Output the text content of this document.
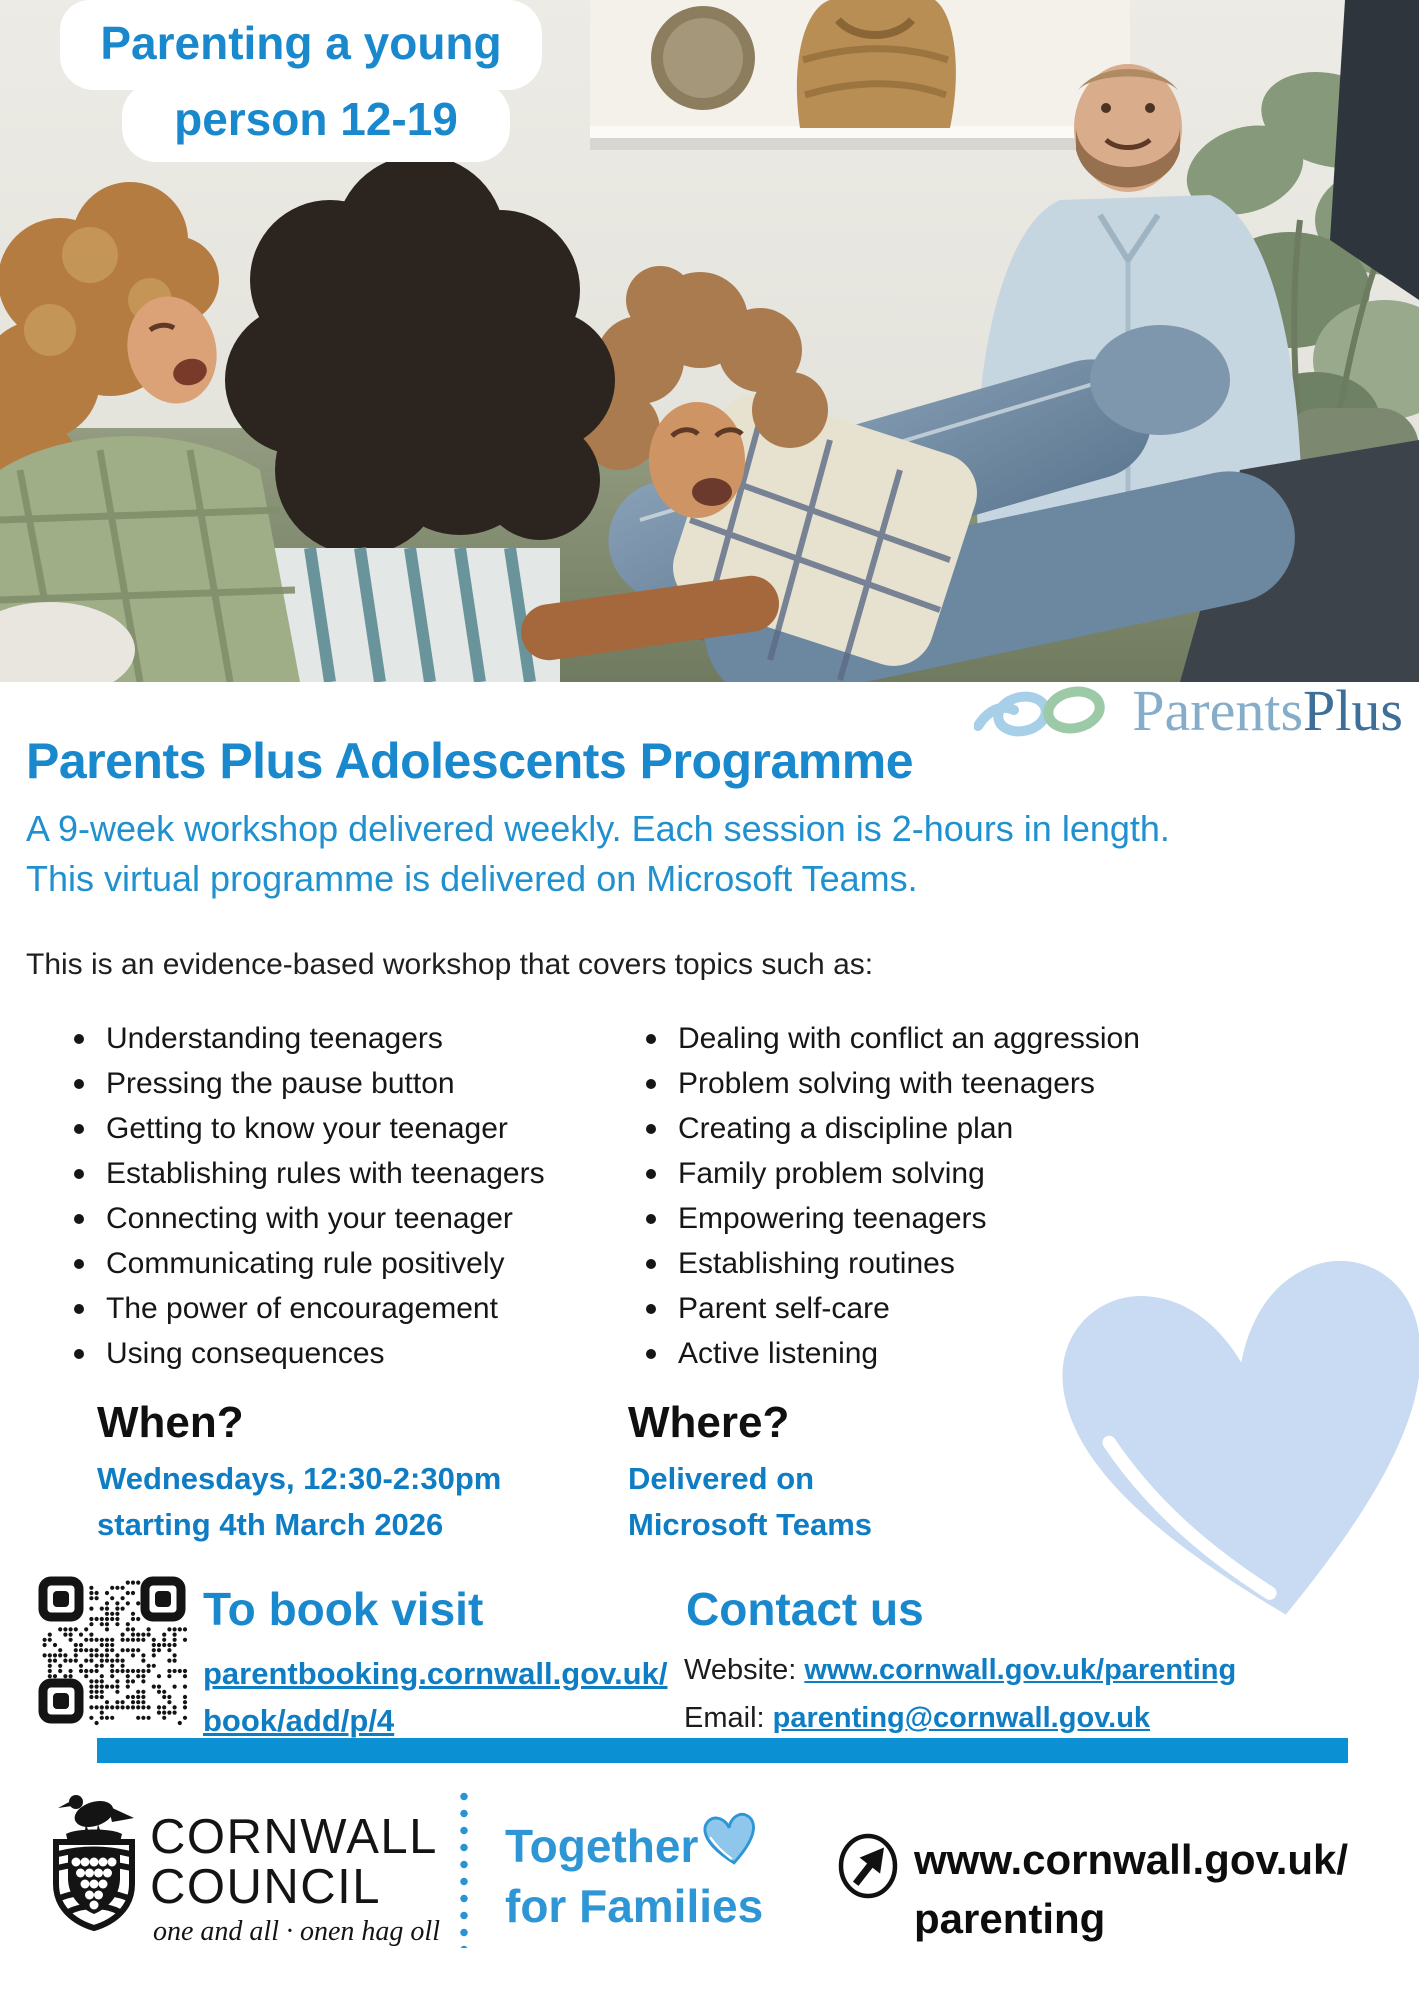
Parenting a young
person 12-19
Parents Plus
Parents Plus Adolescents Programme
A 9-week workshop delivered weekly. Each session is 2-hours in length.
This virtual programme is delivered on Microsoft Teams.
This is an evidence-based workshop that covers topics such as:
Understanding teenagers
Pressing the pause button
Getting to know your teenager
Establishing rules with teenagers
Connecting with your teenager
Communicating rule positively
The power of encouragement
Using consequences
Dealing with conflict an aggression
Problem solving with teenagers
Creating a discipline plan
Family problem solving
Empowering teenagers
Establishing routines
Parent self-care
Active listening
When?
Wednesdays, 12:30-2:30pm
starting 4th March 2026
Where?
Delivered on
Microsoft Teams
To book visit
parentbooking.cornwall.gov.uk/
book/add/p/4
Contact us
Website: www.cornwall.gov.uk/parenting
Email: parenting@cornwall.gov.uk
CORNWALL
COUNCIL
one and all · onen hag oll
Together
for Families
www.cornwall.gov.uk/
parenting
